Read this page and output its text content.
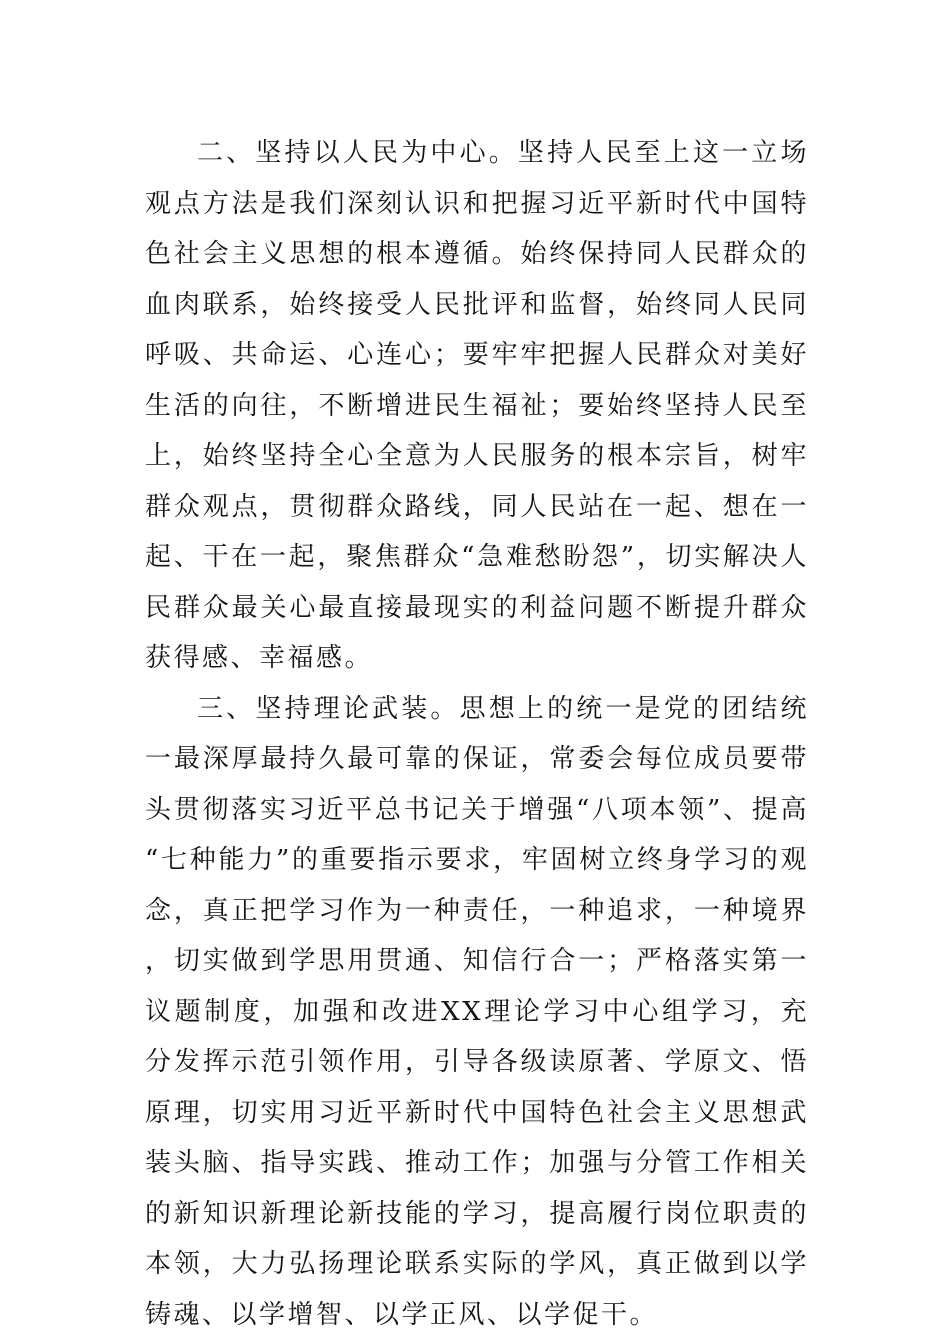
二、坚持以人民为中心。坚持人民至上这一立场观点方法是我们深刻认识和把握习近平新时代中国特色社会主义思想的根本遵循。始终保持同人民群众的血肉联系，始终接受人民批评和监督，始终同人民同呼吸、共命运、心连心；要牢牢把握人民群众对美好生活的向往，不断增进民生福祉；要始终坚持人民至上，始终坚持全心全意为人民服务的根本宗旨，树牢群众观点，贯彻群众路线，同人民站在一起、想在一起、干在一起，聚焦群众“急难愁盼怨”，切实解决人民群众最关心最直接最现实的利益问题不断提升群众获得感、幸福感。

三、坚持理论武装。思想上的统一是党的团结统一最深厚最持久最可靠的保证，常委会每位成员要带头贯彻落实习近平总书记关于增强“八项本领”、提高“七种能力”的重要指示要求，牢固树立终身学习的观念，真正把学习作为一种责任，一种追求，一种境界，切实做到学思用贯通、知信行合一；严格落实第一议题制度，加强和改进XX理论学习中心组学习，充分发挥示范引领作用，引导各级读原著、学原文、悟原理，切实用习近平新时代中国特色社会主义思想武装头脑、指导实践、推动工作；加强与分管工作相关的新知识新理论新技能的学习，提高履行岗位职责的本领，大力弘扬理论联系实际的学风，真正做到以学铸魂、以学增智、以学正风、以学促干。
